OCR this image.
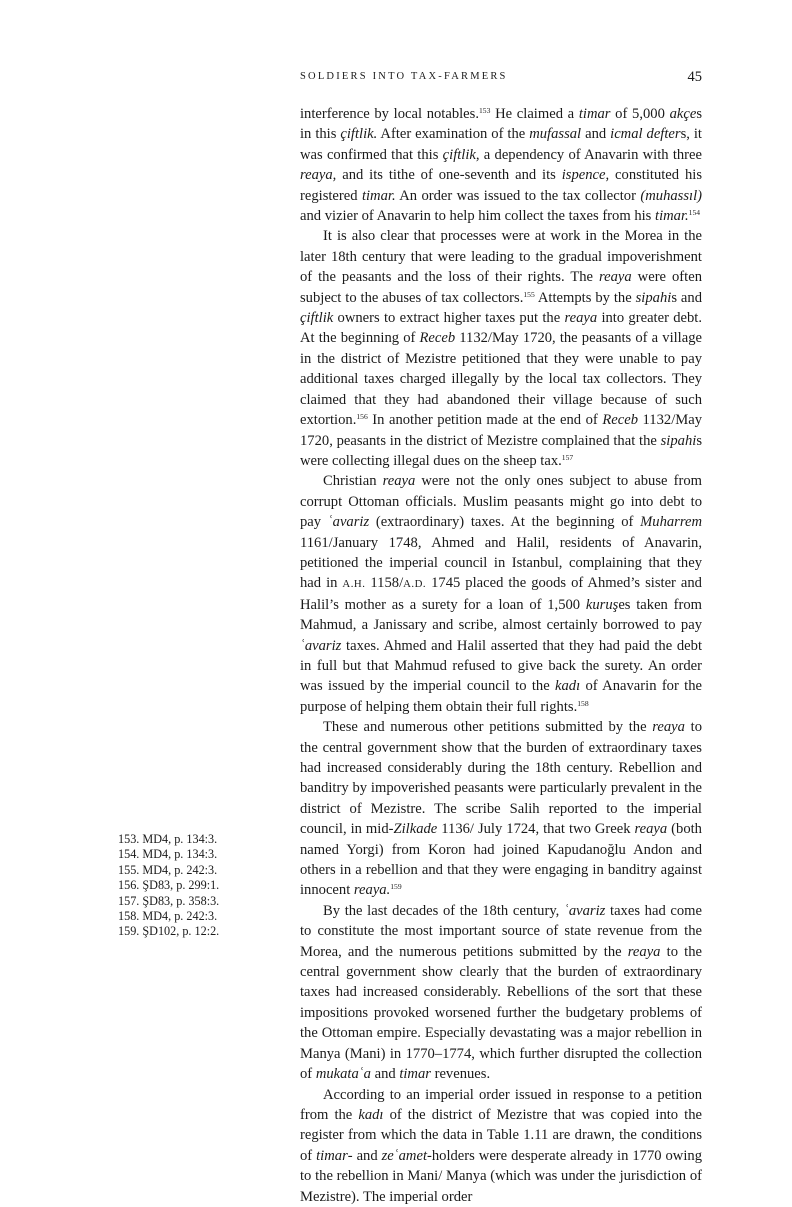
SOLDIERS INTO TAX-FARMERS	45

interference by local notables.$^{153}$ He claimed a timar of 5,000 akçes in this çiftlik. After examination of the mufassal and icmal defters, it was confirmed that this çiftlik, a dependency of Anavarin with three reaya, and its tithe of one-seventh and its ispence, constituted his registered timar. An order was issued to the tax collector (muhassıl) and vizier of Anavarin to help him collect the taxes from his timar.$^{154}$

It is also clear that processes were at work in the Morea in the later 18th century that were leading to the gradual impoverishment of the peasants and the loss of their rights. The reaya were often subject to the abuses of tax collectors.$^{155}$ Attempts by the sipahis and çiftlik owners to extract higher taxes put the reaya into greater debt. At the beginning of Receb 1132/May 1720, the peasants of a village in the district of Mezistre petitioned that they were unable to pay additional taxes charged illegally by the local tax collectors. They claimed that they had abandoned their village because of such extortion.$^{156}$ In another petition made at the end of Receb 1132/May 1720, peasants in the district of Mezistre complained that the sipahis were collecting illegal dues on the sheep tax.$^{157}$

Christian reaya were not the only ones subject to abuse from corrupt Ottoman officials. Muslim peasants might go into debt to pay ʿavariz (extraordinary) taxes. At the beginning of Muharrem 1161/January 1748, Ahmed and Halil, residents of Anavarin, petitioned the imperial council in Istanbul, complaining that they had in A.H. 1158/A.D. 1745 placed the goods of Ahmed’s sister and Halil’s mother as a surety for a loan of 1,500 kuruşes taken from Mahmud, a Janissary and scribe, almost certainly borrowed to pay ʿavariz taxes. Ahmed and Halil asserted that they had paid the debt in full but that Mahmud refused to give back the surety. An order was issued by the imperial council to the kadı of Anavarin for the purpose of helping them obtain their full rights.$^{158}$

These and numerous other petitions submitted by the reaya to the central government show that the burden of extraordinary taxes had increased considerably during the 18th century. Rebellion and banditry by impoverished peasants were particularly prevalent in the district of Mezistre. The scribe Salih reported to the imperial council, in mid-Zilkade 1136/ July 1724, that two Greek reaya (both named Yorgi) from Koron had joined Kapudanoğlu Andon and others in a rebellion and that they were engaging in banditry against innocent reaya.$^{159}$

By the last decades of the 18th century, ʿavariz taxes had come to constitute the most important source of state revenue from the Morea, and the numerous petitions submitted by the reaya to the central government show clearly that the burden of extraordinary taxes had increased considerably. Rebellions of the sort that these impositions provoked worsened further the budgetary problems of the Ottoman empire. Especially devastating was a major rebellion in Manya (Mani) in 1770–1774, which further disrupted the collection of mukataʿa and timar revenues.

According to an imperial order issued in response to a petition from the kadı of the district of Mezistre that was copied into the register from which the data in Table 1.11 are drawn, the conditions of timar- and zeʿamet-holders were desperate already in 1770 owing to the rebellion in Mani/ Manya (which was under the jurisdiction of Mezistre). The imperial order

153. MD4, p. 134:3.
154. MD4, p. 134:3.
155. MD4, p. 242:3.
156. ŞD83, p. 299:1.
157. ŞD83, p. 358:3.
158. MD4, p. 242:3.
159. ŞD102, p. 12:2.
